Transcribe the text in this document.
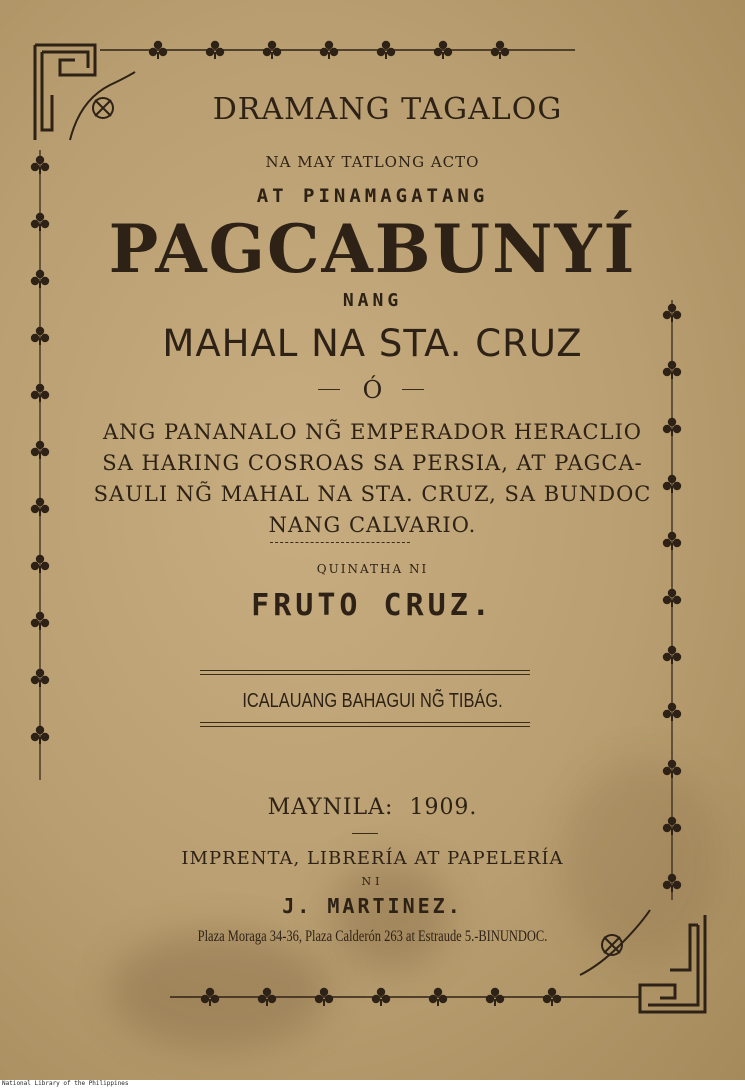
DRAMANG TAGALOG
NA MAY TATLONG ACTO
AT PINAMAGATANG
PAGCABUNYÍ
NANG
MAHAL NA STA. CRUZ
Ó
ANG PANANALO NG̃ EMPERADOR HERACLIO
SA HARING COSROAS SA PERSIA, AT PAGCA-
SAULI NG̃ MAHAL NA STA. CRUZ, SA BUNDOC
NANG CALVARIO.
QUINATHA NI
FRUTO CRUZ.
ICALAUANG BAHAGUI NG̃ TIBÁG.
MAYNILA:  1909.
IMPRENTA, LIBRERÍA AT PAPELERÍA
NI
J. MARTINEZ.
Plaza Moraga 34-36, Plaza Calderón 263 at Estraude 5.-BINUNDOC.
National Library of the Philippines
